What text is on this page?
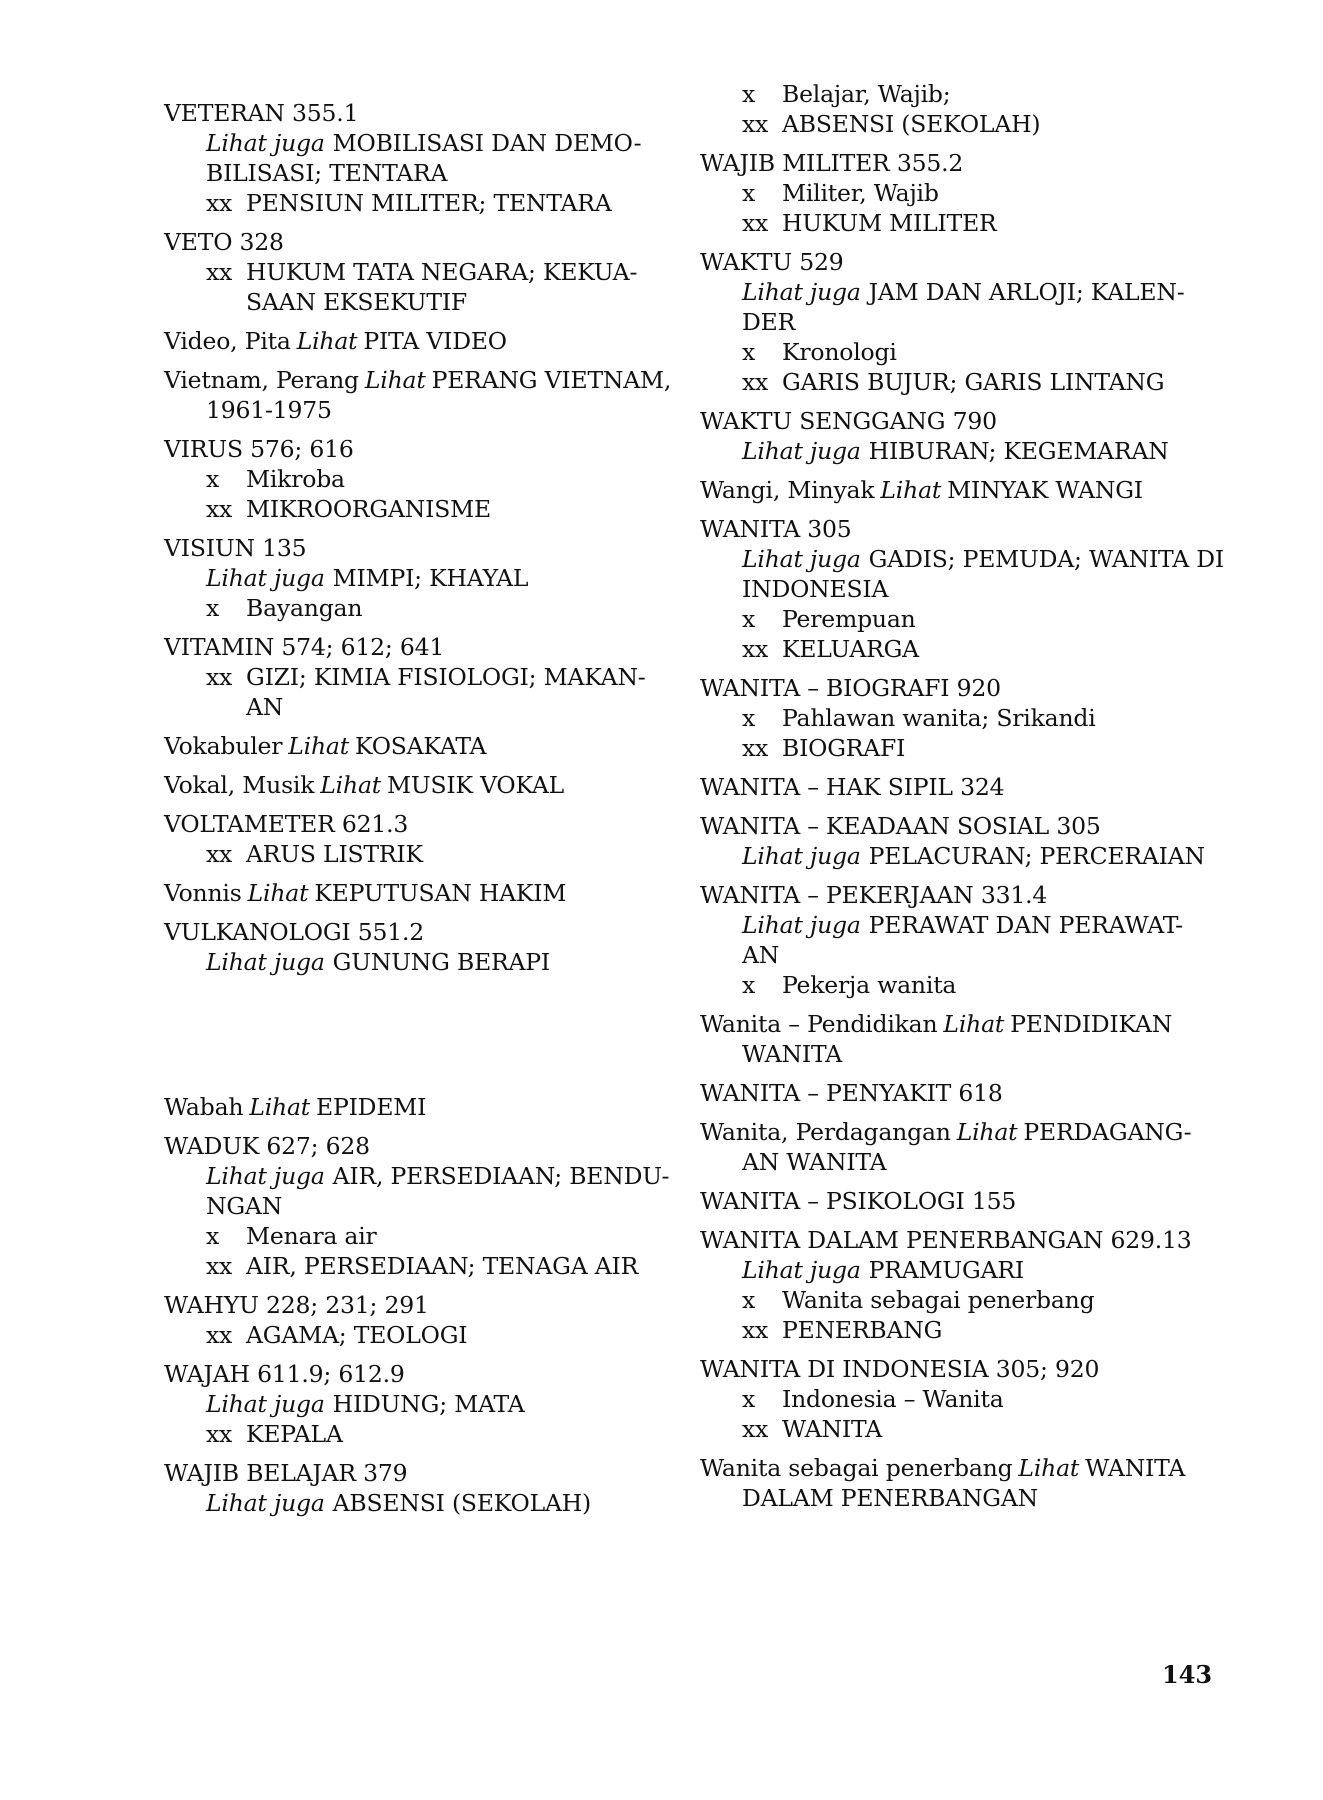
VETERAN 355.1
Lihat juga MOBILISASI DAN DEMO-
BILISASI; TENTARA
xx PENSIUN MILITER; TENTARA
VETO 328
xx HUKUM TATA NEGARA; KEKUA-
SAAN EKSEKUTIF
Video, Pita Lihat PITA VIDEO
Vietnam, Perang Lihat PERANG VIETNAM,
1961-1975
VIRUS 576; 616
x Mikroba
xx MIKROORGANISME
VISIUN 135
Lihat juga MIMPI; KHAYAL
x Bayangan
VITAMIN 574; 612; 641
xx GIZI; KIMIA FISIOLOGI; MAKAN-
AN
Vokabuler Lihat KOSAKATA
Vokal, Musik Lihat MUSIK VOKAL
VOLTAMETER 621.3
xx ARUS LISTRIK
Vonnis Lihat KEPUTUSAN HAKIM
VULKANOLOGI 551.2
Lihat juga GUNUNG BERAPI
Wabah Lihat EPIDEMI
WADUK 627; 628
Lihat juga AIR, PERSEDIAAN; BENDU-
NGAN
x Menara air
xx AIR, PERSEDIAAN; TENAGA AIR
WAHYU 228; 231; 291
xx AGAMA; TEOLOGI
WAJAH 611.9; 612.9
Lihat juga HIDUNG; MATA
xx KEPALA
WAJIB BELAJAR 379
Lihat juga ABSENSI (SEKOLAH)
x Belajar, Wajib;
xx ABSENSI (SEKOLAH)
WAJIB MILITER 355.2
x Militer, Wajib
xx HUKUM MILITER
WAKTU 529
Lihat juga JAM DAN ARLOJI; KALEN-
DER
x Kronologi
xx GARIS BUJUR; GARIS LINTANG
WAKTU SENGGANG 790
Lihat juga HIBURAN; KEGEMARAN
Wangi, Minyak Lihat MINYAK WANGI
WANITA 305
Lihat juga GADIS; PEMUDA; WANITA DI
INDONESIA
x Perempuan
xx KELUARGA
WANITA – BIOGRAFI 920
x Pahlawan wanita; Srikandi
xx BIOGRAFI
WANITA – HAK SIPIL 324
WANITA – KEADAAN SOSIAL 305
Lihat juga PELACURAN; PERCERAIAN
WANITA – PEKERJAAN 331.4
Lihat juga PERAWAT DAN PERAWAT-
AN
x Pekerja wanita
Wanita – Pendidikan Lihat PENDIDIKAN
WANITA
WANITA – PENYAKIT 618
Wanita, Perdagangan Lihat PERDAGANG-
AN WANITA
WANITA – PSIKOLOGI 155
WANITA DALAM PENERBANGAN 629.13
Lihat juga PRAMUGARI
x Wanita sebagai penerbang
xx PENERBANG
WANITA DI INDONESIA 305; 920
x Indonesia – Wanita
xx WANITA
Wanita sebagai penerbang Lihat WANITA
DALAM PENERBANGAN
143
